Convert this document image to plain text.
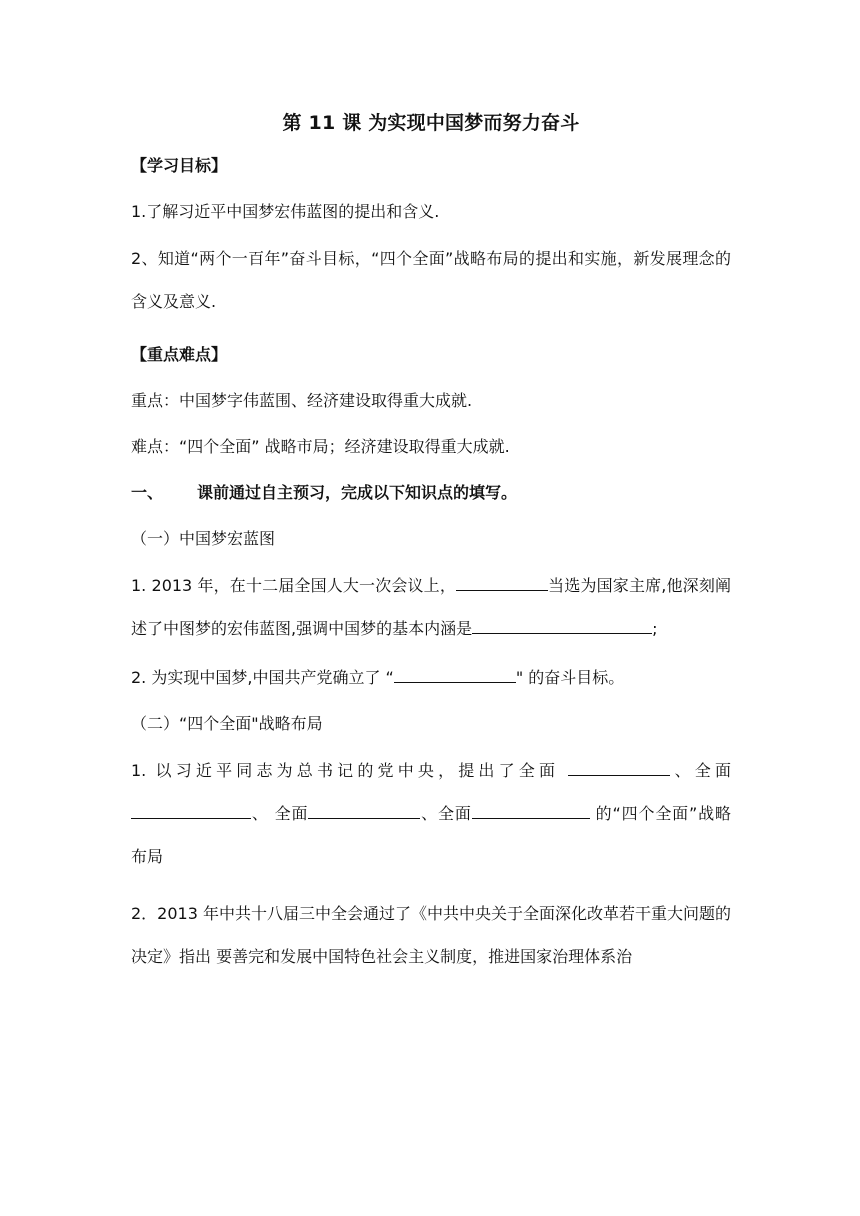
第 11 课 为实现中国梦而努力奋斗

【学习目标】

1.了解习近平中国梦宏伟蓝图的提出和含义.

2、知道“两个一百年”奋斗目标，“四个全面”战略布局的提出和实施，新发展理念的含义及意义.

【重点难点】

重点：中国梦字伟蓝围、经济建设取得重大成就.

难点：“四个全面” 战略市局；经济建设取得重大成就.

一、 课前通过自主预习，完成以下知识点的填写。

（一）中国梦宏蓝图

1. 2013 年，在十二届全国人大一次会议上，	当选为国家主席,他深刻阐述了中图梦的宏伟蓝图,强调中国梦的基本内涵是	;

2. 为实现中国梦,中国共产党确立了 “	" 的奋斗目标。

（二）“四个全面"战略布局

1. 以习近平同志为总书记的党中央，提出了全面	、全面 、 全面	、全面	的“四个全面”战略布局

2．2013 年中共十八届三中全会通过了《中共中央关于全面深化改革若干重大问题的决定》指出 要善完和发展中国特色社会主义制度，推进国家治理体系治
